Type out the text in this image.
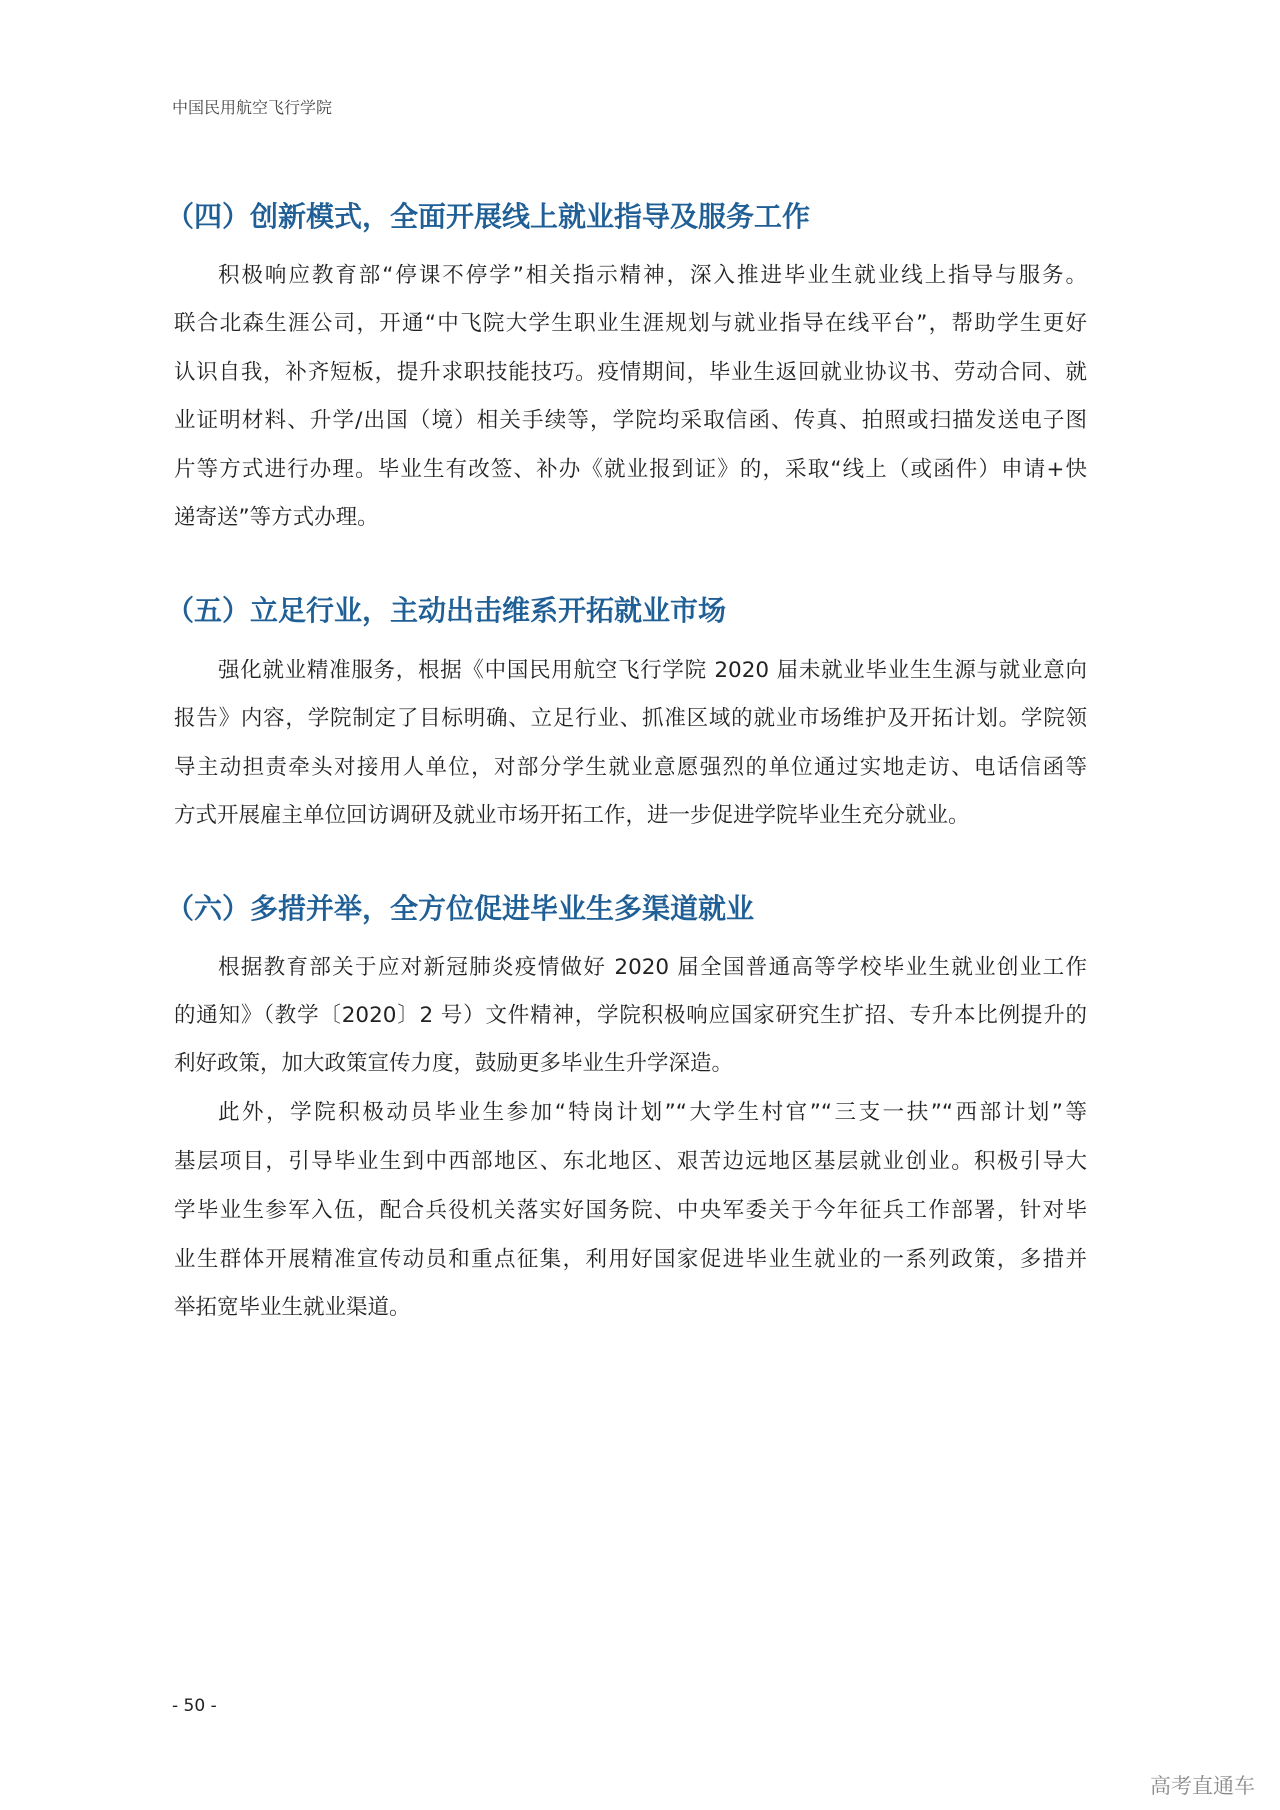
中国民用航空飞行学院
（四）创新模式，全面开展线上就业指导及服务工作
积极响应教育部“停课不停学”相关指示精神，深入推进毕业生就业线上指导与服务。
联合北森生涯公司，开通“中飞院大学生职业生涯规划与就业指导在线平台”，帮助学生更好
认识自我，补齐短板，提升求职技能技巧。疫情期间，毕业生返回就业协议书、劳动合同、就
业证明材料、升学/出国（境）相关手续等，学院均采取信函、传真、拍照或扫描发送电子图
片等方式进行办理。毕业生有改签、补办《就业报到证》的，采取“线上（或函件）申请+快
递寄送”等方式办理。
（五）立足行业，主动出击维系开拓就业市场
强化就业精准服务，根据《中国民用航空飞行学院 2020 届未就业毕业生生源与就业意向
报告》内容，学院制定了目标明确、立足行业、抓准区域的就业市场维护及开拓计划。学院领
导主动担责牵头对接用人单位，对部分学生就业意愿强烈的单位通过实地走访、电话信函等
方式开展雇主单位回访调研及就业市场开拓工作，进一步促进学院毕业生充分就业。
（六）多措并举，全方位促进毕业生多渠道就业
根据教育部关于应对新冠肺炎疫情做好 2020 届全国普通高等学校毕业生就业创业工作
的通知》（教学〔2020〕2 号）文件精神，学院积极响应国家研究生扩招、专升本比例提升的
利好政策，加大政策宣传力度，鼓励更多毕业生升学深造。
此外，学院积极动员毕业生参加“特岗计划”“大学生村官”“三支一扶”“西部计划”等
基层项目，引导毕业生到中西部地区、东北地区、艰苦边远地区基层就业创业。积极引导大
学毕业生参军入伍，配合兵役机关落实好国务院、中央军委关于今年征兵工作部署，针对毕
业生群体开展精准宣传动员和重点征集，利用好国家促进毕业生就业的一系列政策，多措并
举拓宽毕业生就业渠道。
- 50 -
高考直通车
